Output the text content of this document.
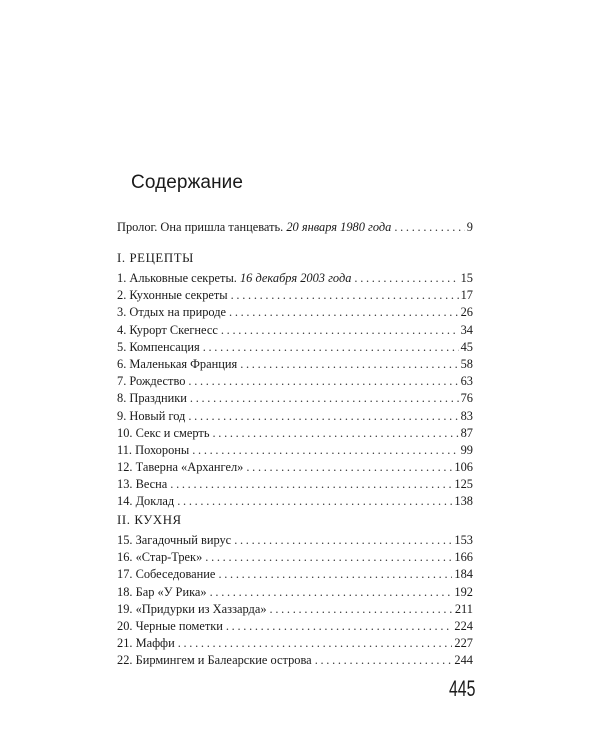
Содержание
Пролог. Она пришла танцевать. 20 января 1980 года . . .	9
I. РЕЦЕПТЫ
1. Альковные секреты. 16 декабря 2003 года . . .	15
2. Кухонные секреты . . .	17
3. Отдых на природе . . .	26
4. Курорт Скегнесс . . .	34
5. Компенсация . . .	45
6. Маленькая Франция . . .	58
7. Рождество . . .	63
8. Праздники . . .	76
9. Новый год . . .	83
10. Секс и смерть . . .	87
11. Похороны . . .	99
12. Таверна «Архангел» . . .	106
13. Весна . . .	125
14. Доклад . . .	138
II. КУХНЯ
15. Загадочный вирус . . .	153
16. «Стар-Трек» . . .	166
17. Собеседование . . .	184
18. Бар «У Рика» . . .	192
19. «Придурки из Хаззарда» . . .	211
20. Черные пометки . . .	224
21. Маффи . . .	227
22. Бирмингем и Балеарские острова . . .	244
445
